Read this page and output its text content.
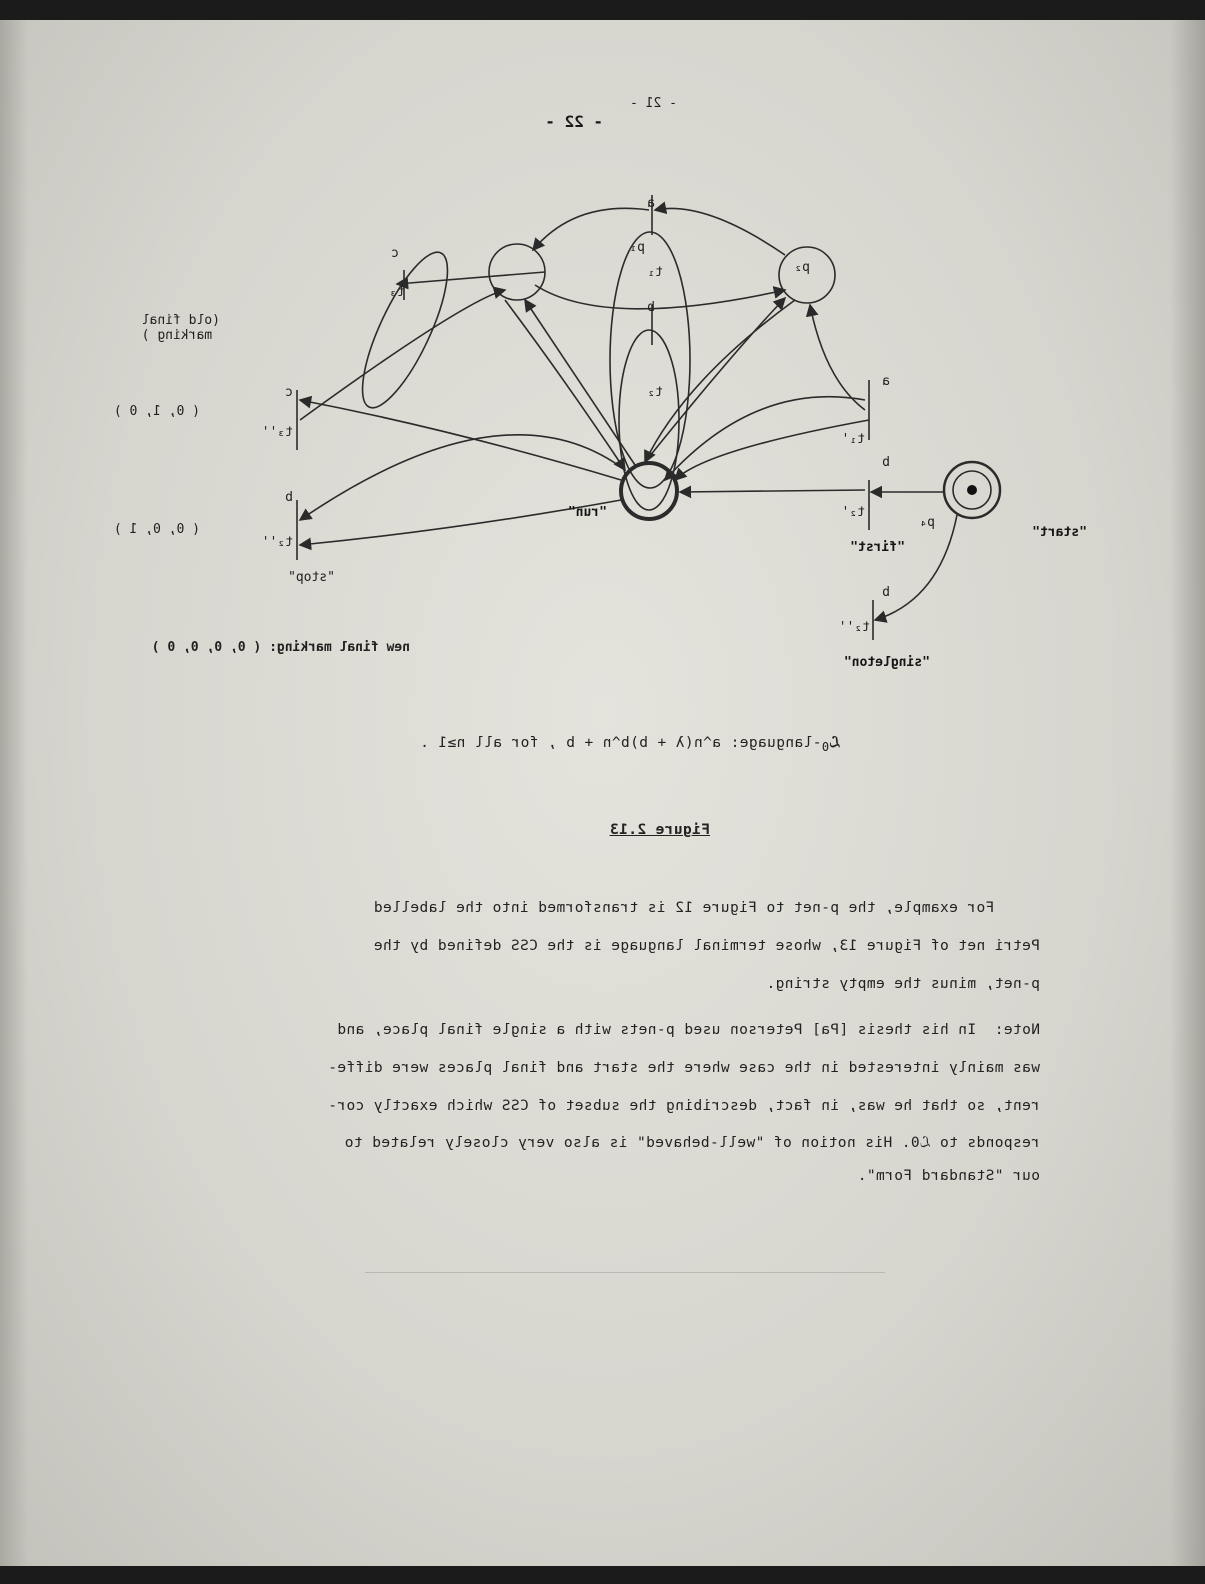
- 22 -
- 21 -
"run"
"start"
"first"
"stop"
"singleton"
p₁
p₂
p₄
t₃
t₁'
t₂'
t₂''
t₃''
t₂''
t₁
t₂
a
b
c
a
b
b
c
b
(old final
marking )
( 0, 1, 0 )
( 0, 0, 1 )
new final marking: ( 0, 0, 0, 0 )
ℒ$_0$-language: a^n(λ + b)b^n + b , for all n≥1 .
Figure 2.13
For example, the p-net to Figure 12 is transformed into the labelled
Petri net of Figure 13, whose terminal language is the CSS defined by the
p-net, minus the empty string.
Note:  In his thesis [Pa] Peterson used p-nets with a single final place, and
was mainly interested in the case where the start and final places were diffe-
rent, so that he was, in fact, describing the subset of CSS which exactly cor-
responds to ℒ0. His notion of "well-behaved" is also very closely related to
our "Standard Form".
